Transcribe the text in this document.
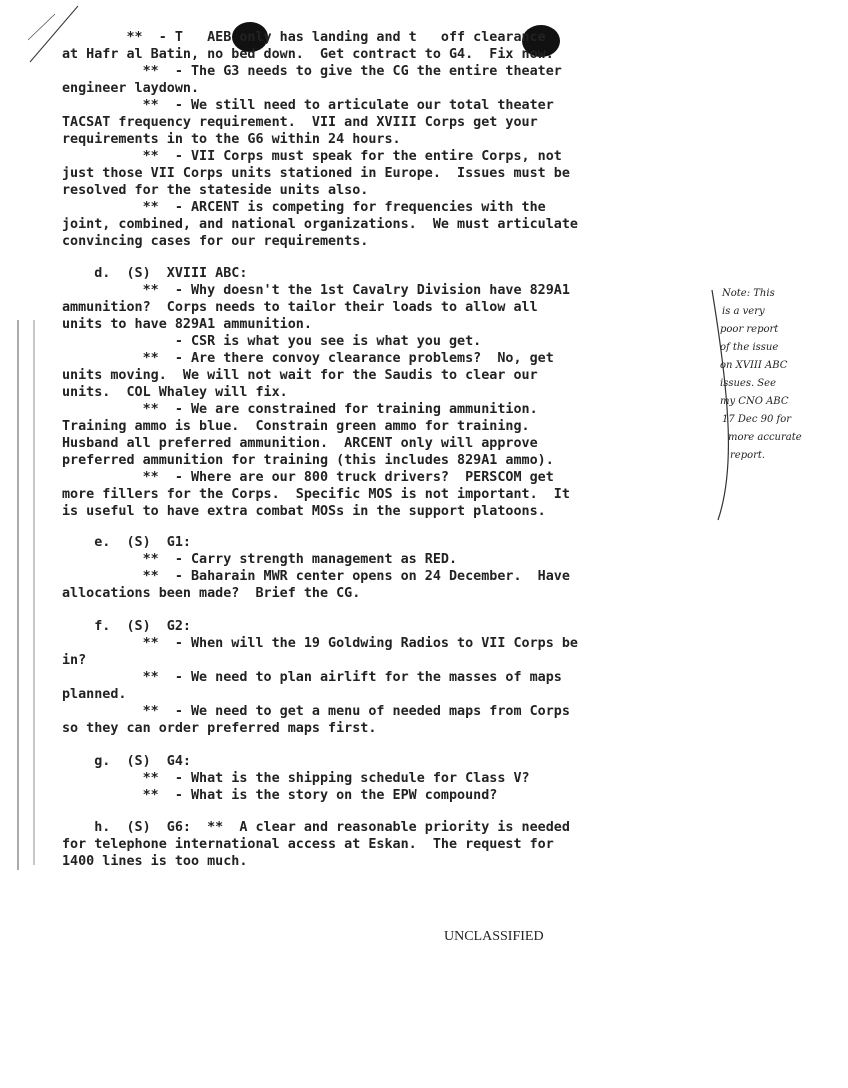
**  - T   AEB only has landing and t   off clearance
at Hafr al Batin, no bed down.  Get contract to G4.  Fix now.
**  - The G3 needs to give the CG the entire theater
engineer laydown.
**  - We still need to articulate our total theater
TACSAT frequency requirement.  VII and XVIII Corps get your
requirements in to the G6 within 24 hours.
**  - VII Corps must speak for the entire Corps, not
just those VII Corps units stationed in Europe.  Issues must be
resolved for the stateside units also.
**  - ARCENT is competing for frequencies with the
joint, combined, and national organizations.  We must articulate
convincing cases for our requirements.
d.  (S)  XVIII ABC:
**  - Why doesn't the 1st Cavalry Division have 829A1
ammunition?  Corps needs to tailor their loads to allow all
units to have 829A1 ammunition.
- CSR is what you see is what you get.
**  - Are there convoy clearance problems?  No, get
units moving.  We will not wait for the Saudis to clear our
units.  COL Whaley will fix.
**  - We are constrained for training ammunition.
Training ammo is blue.  Constrain green ammo for training.
Husband all preferred ammunition.  ARCENT only will approve
preferred ammunition for training (this includes 829A1 ammo).
**  - Where are our 800 truck drivers?  PERSCOM get
more fillers for the Corps.  Specific MOS is not important.  It
is useful to have extra combat MOSs in the support platoons.
e.  (S)  G1:
**  - Carry strength management as RED.
**  - Baharain MWR center opens on 24 December.  Have
allocations been made?  Brief the CG.
f.  (S)  G2:
**  - When will the 19 Goldwing Radios to VII Corps be
in?
**  - We need to plan airlift for the masses of maps
planned.
**  - We need to get a menu of needed maps from Corps
so they can order preferred maps first.
g.  (S)  G4:
**  - What is the shipping schedule for Class V?
**  - What is the story on the EPW compound?
h.  (S)  G6:  **  A clear and reasonable priority is needed
for telephone international access at Eskan.  The request for
1400 lines is too much.
Note: This
is a very
poor report
of the issue
on XVIII ABC
issues. See
my CNO ABC
17 Dec 90 for
more accurate
report.
UNCLASSIFIED
